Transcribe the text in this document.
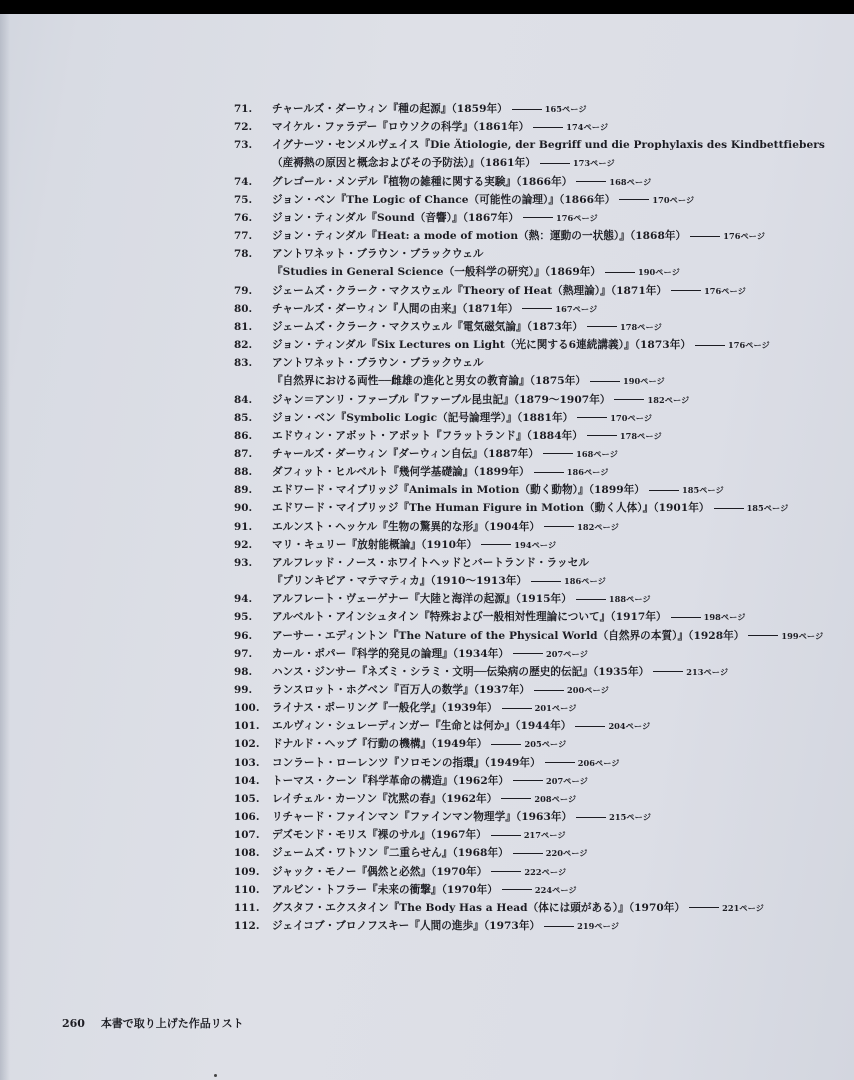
71.	チャールズ・ダーウィン『種の起源』（1859年）	165ページ
72.	マイケル・ファラデー『ロウソクの科学』（1861年）	174ページ
73.	イグナーツ・センメルヴェイス『Die Ätiologie, der Begriff und die Prophylaxis des Kindbettfiebers
（産褥熱の原因と概念およびその予防法）』（1861年）	173ページ
74.	グレゴール・メンデル『植物の雑種に関する実験』（1866年）	168ページ
75.	ジョン・ベン『The Logic of Chance（可能性の論理）』（1866年）	170ページ
76.	ジョン・ティンダル『Sound（音響）』（1867年）	176ページ
77.	ジョン・ティンダル『Heat: a mode of motion（熱：運動の一状態）』（1868年）	176ページ
78.	アントワネット・ブラウン・ブラックウェル
『Studies in General Science（一般科学の研究）』（1869年）	190ページ
79.	ジェームズ・クラーク・マクスウェル『Theory of Heat（熱理論）』（1871年）	176ページ
80.	チャールズ・ダーウィン『人間の由来』（1871年）	167ページ
81.	ジェームズ・クラーク・マクスウェル『電気磁気論』（1873年）	178ページ
82.	ジョン・ティンダル『Six Lectures on Light（光に関する6連続講義）』（1873年）	176ページ
83.	アントワネット・ブラウン・ブラックウェル
『自然界における両性──雌雄の進化と男女の教育論』（1875年）	190ページ
84.	ジャン＝アンリ・ファーブル『ファーブル昆虫記』（1879～1907年）	182ページ
85.	ジョン・ベン『Symbolic Logic（記号論理学）』（1881年）	170ページ
86.	エドウィン・アボット・アボット『フラットランド』（1884年）	178ページ
87.	チャールズ・ダーウィン『ダーウィン自伝』（1887年）	168ページ
88.	ダフィット・ヒルベルト『幾何学基礎論』（1899年）	186ページ
89.	エドワード・マイブリッジ『Animals in Motion（動く動物）』（1899年）	185ページ
90.	エドワード・マイブリッジ『The Human Figure in Motion（動く人体）』（1901年）	185ページ
91.	エルンスト・ヘッケル『生物の驚異的な形』（1904年）	182ページ
92.	マリ・キュリー『放射能概論』（1910年）	194ページ
93.	アルフレッド・ノース・ホワイトヘッドとバートランド・ラッセル
『プリンキピア・マテマティカ』（1910～1913年）	186ページ
94.	アルフレート・ヴェーゲナー『大陸と海洋の起源』（1915年）	188ページ
95.	アルベルト・アインシュタイン『特殊および一般相対性理論について』（1917年）	198ページ
96.	アーサー・エディントン『The Nature of the Physical World（自然界の本質）』（1928年）	199ページ
97.	カール・ポパー『科学的発見の論理』（1934年）	207ページ
98.	ハンス・ジンサー『ネズミ・シラミ・文明──伝染病の歴史的伝記』（1935年）	213ページ
99.	ランスロット・ホグベン『百万人の数学』（1937年）	200ページ
100. ライナス・ポーリング『一般化学』（1939年）	201ページ
101. エルヴィン・シュレーディンガー『生命とは何か』（1944年）	204ページ
102. ドナルド・ヘッブ『行動の機構』（1949年）	205ページ
103. コンラート・ローレンツ『ソロモンの指環』（1949年）	206ページ
104. トーマス・クーン『科学革命の構造』（1962年）	207ページ
105. レイチェル・カーソン『沈黙の春』（1962年）	208ページ
106. リチャード・ファインマン『ファインマン物理学』（1963年）	215ページ
107. デズモンド・モリス『裸のサル』（1967年）	217ページ
108. ジェームズ・ワトソン『二重らせん』（1968年）	220ページ
109. ジャック・モノー『偶然と必然』（1970年）	222ページ
110. アルビン・トフラー『未来の衝撃』（1970年）	224ページ
111. グスタフ・エクスタイン『The Body Has a Head（体には頭がある）』（1970年）	221ページ
112. ジェイコブ・ブロノフスキー『人間の進歩』（1973年）	219ページ
260 本書で取り上げた作品リスト
